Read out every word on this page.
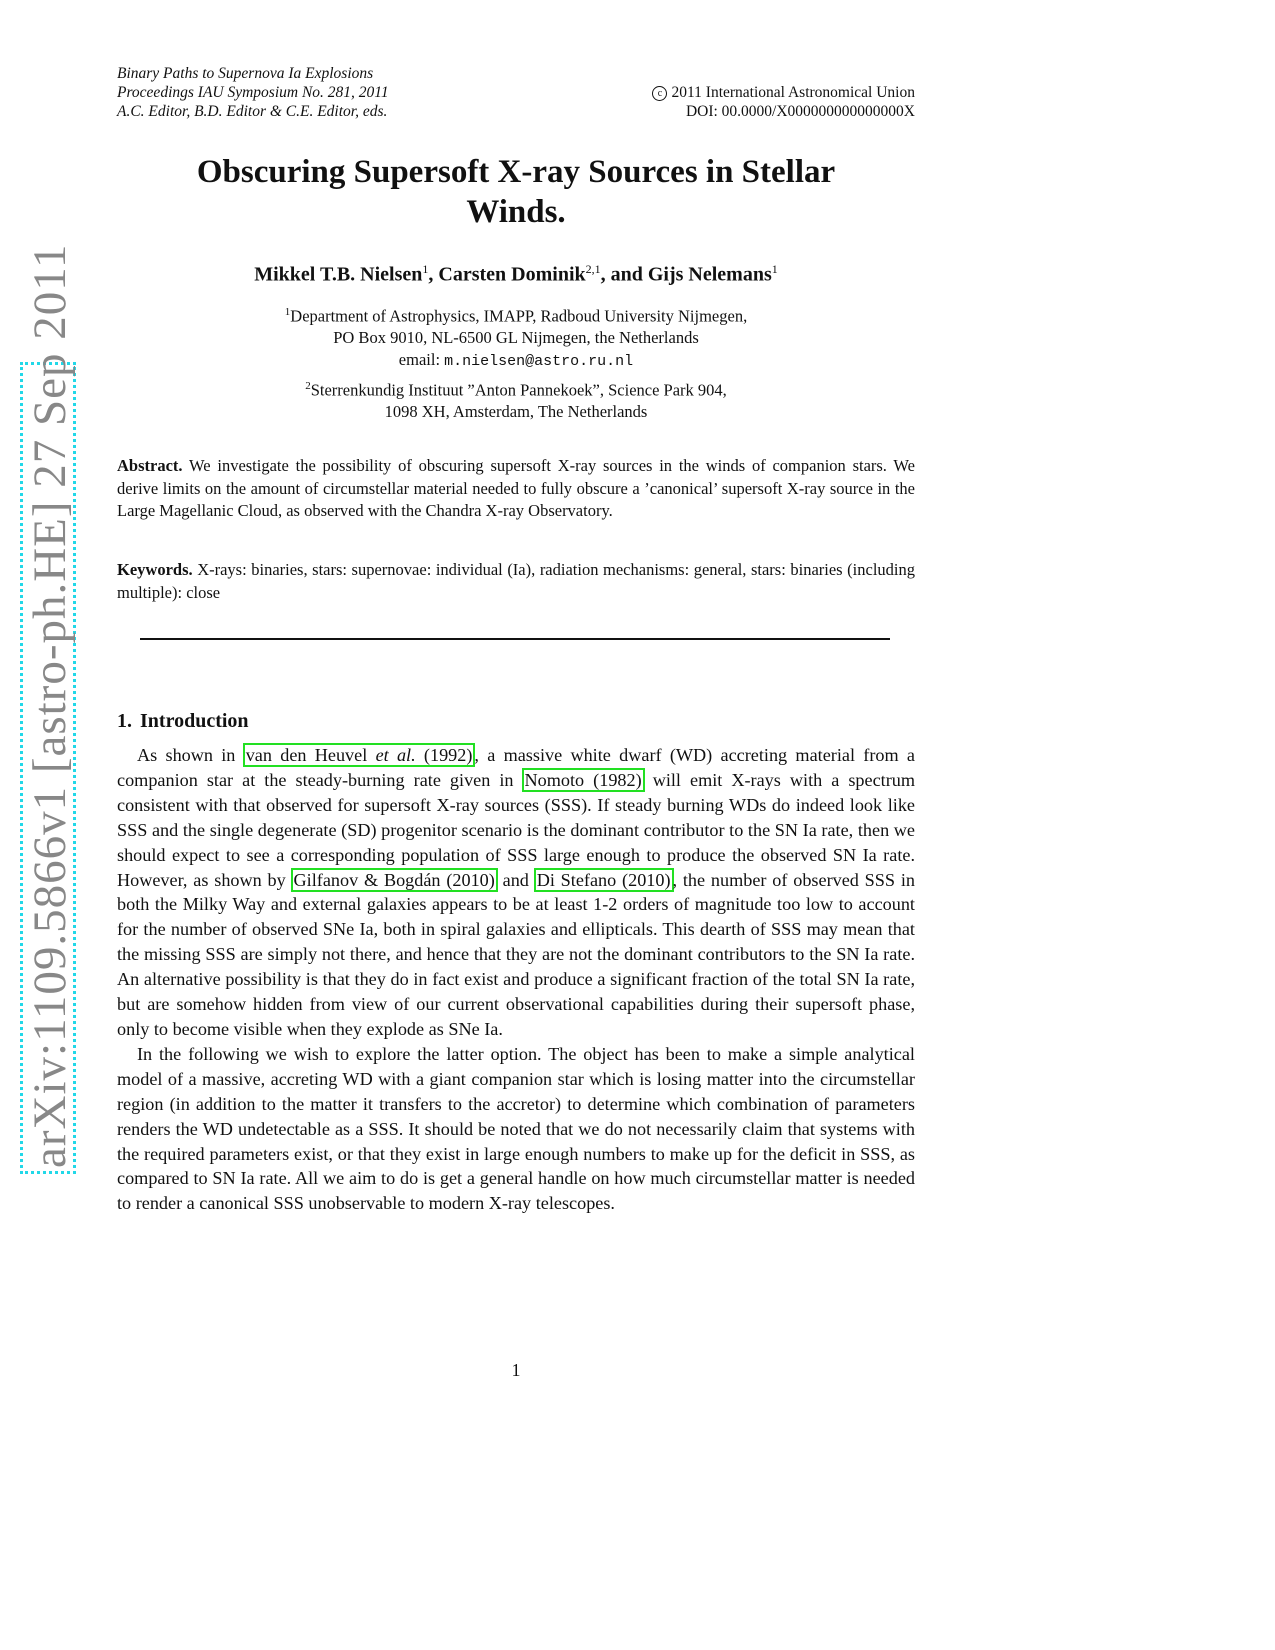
arXiv:1109.5866v1 [astro-ph.HE] 27 Sep 2011
Binary Paths to Supernova Ia Explosions
Proceedings IAU Symposium No. 281, 2011
A.C. Editor, B.D. Editor & C.E. Editor, eds.
c 2011 International Astronomical Union
DOI: 00.0000/X000000000000000X
Obscuring Supersoft X-ray Sources in Stellar
Winds.
Mikkel T.B. Nielsen$^1$, Carsten Dominik$^{2,1}$, and Gijs Nelemans$^1$
$^1$Department of Astrophysics, IMAPP, Radboud University Nijmegen,
PO Box 9010, NL-6500 GL Nijmegen, the Netherlands
email: m.nielsen@astro.ru.nl
$^2$Sterrenkundig Instituut ”Anton Pannekoek”, Science Park 904,
1098 XH, Amsterdam, The Netherlands
Abstract. We investigate the possibility of obscuring supersoft X-ray sources in the winds of companion stars. We derive limits on the amount of circumstellar material needed to fully obscure a ’canonical’ supersoft X-ray source in the Large Magellanic Cloud, as observed with the Chandra X-ray Observatory.
Keywords. X-rays: binaries, stars: supernovae: individual (Ia), radiation mechanisms: general, stars: binaries (including multiple): close
1. Introduction

As shown in van den Heuvel et al. (1992) , a massive white dwarf (WD) accreting material from a companion star at the steady-burning rate given in Nomoto (1982) will emit X-rays with a spectrum consistent with that observed for supersoft X-ray sources (SSS). If steady burning WDs do indeed look like SSS and the single degenerate (SD) progenitor scenario is the dominant contributor to the SN Ia rate, then we should expect to see a corresponding population of SSS large enough to produce the observed SN Ia rate. However, as shown by Gilfanov & Bogdán (2010) and Di Stefano (2010) , the number of observed SSS in both the Milky Way and external galaxies appears to be at least 1-2 orders of magnitude too low to account for the number of observed SNe Ia, both in spiral galaxies and ellipticals. This dearth of SSS may mean that the missing SSS are simply not there, and hence that they are not the dominant contributors to the SN Ia rate. An alternative possibility is that they do in fact exist and produce a significant fraction of the total SN Ia rate, but are somehow hidden from view of our current observational capabilities during their supersoft phase, only to become visible when they explode as SNe Ia.

In the following we wish to explore the latter option. The object has been to make a simple analytical model of a massive, accreting WD with a giant companion star which is losing matter into the circumstellar region (in addition to the matter it transfers to the accretor) to determine which combination of parameters renders the WD undetectable as a SSS. It should be noted that we do not necessarily claim that systems with the required parameters exist, or that they exist in large enough numbers to make up for the deficit in SSS, as compared to SN Ia rate. All we aim to do is get a general handle on how much circumstellar matter is needed to render a canonical SSS unobservable to modern X-ray telescopes.

1
